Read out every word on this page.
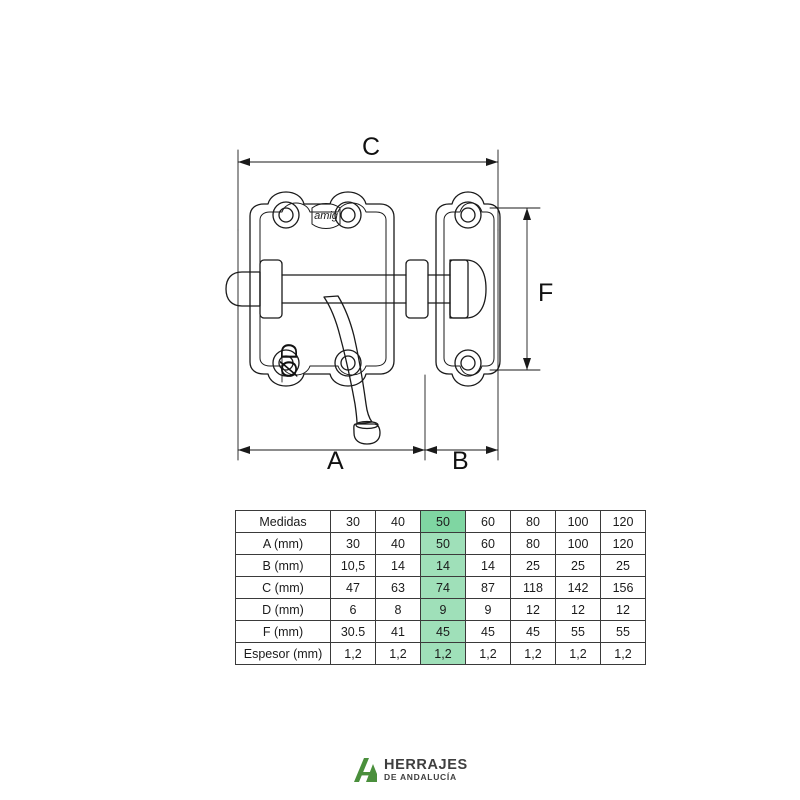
amig
C
F
A	B
ØD
Medidas	30	40	50	60	80	100	120
A (mm)	30	40	50	60	80	100	120
B (mm)	10,5	14	14	14	25	25	25
C (mm)	47	63	74	87	118	142	156
D (mm)	6	8	9	9	12	12	12
F (mm)	30.5	41	45	45	45	55	55
Espesor (mm)	1,2	1,2	1,2	1,2	1,2	1,2	1,2
HERRAJES
DE ANDALUCÍA
